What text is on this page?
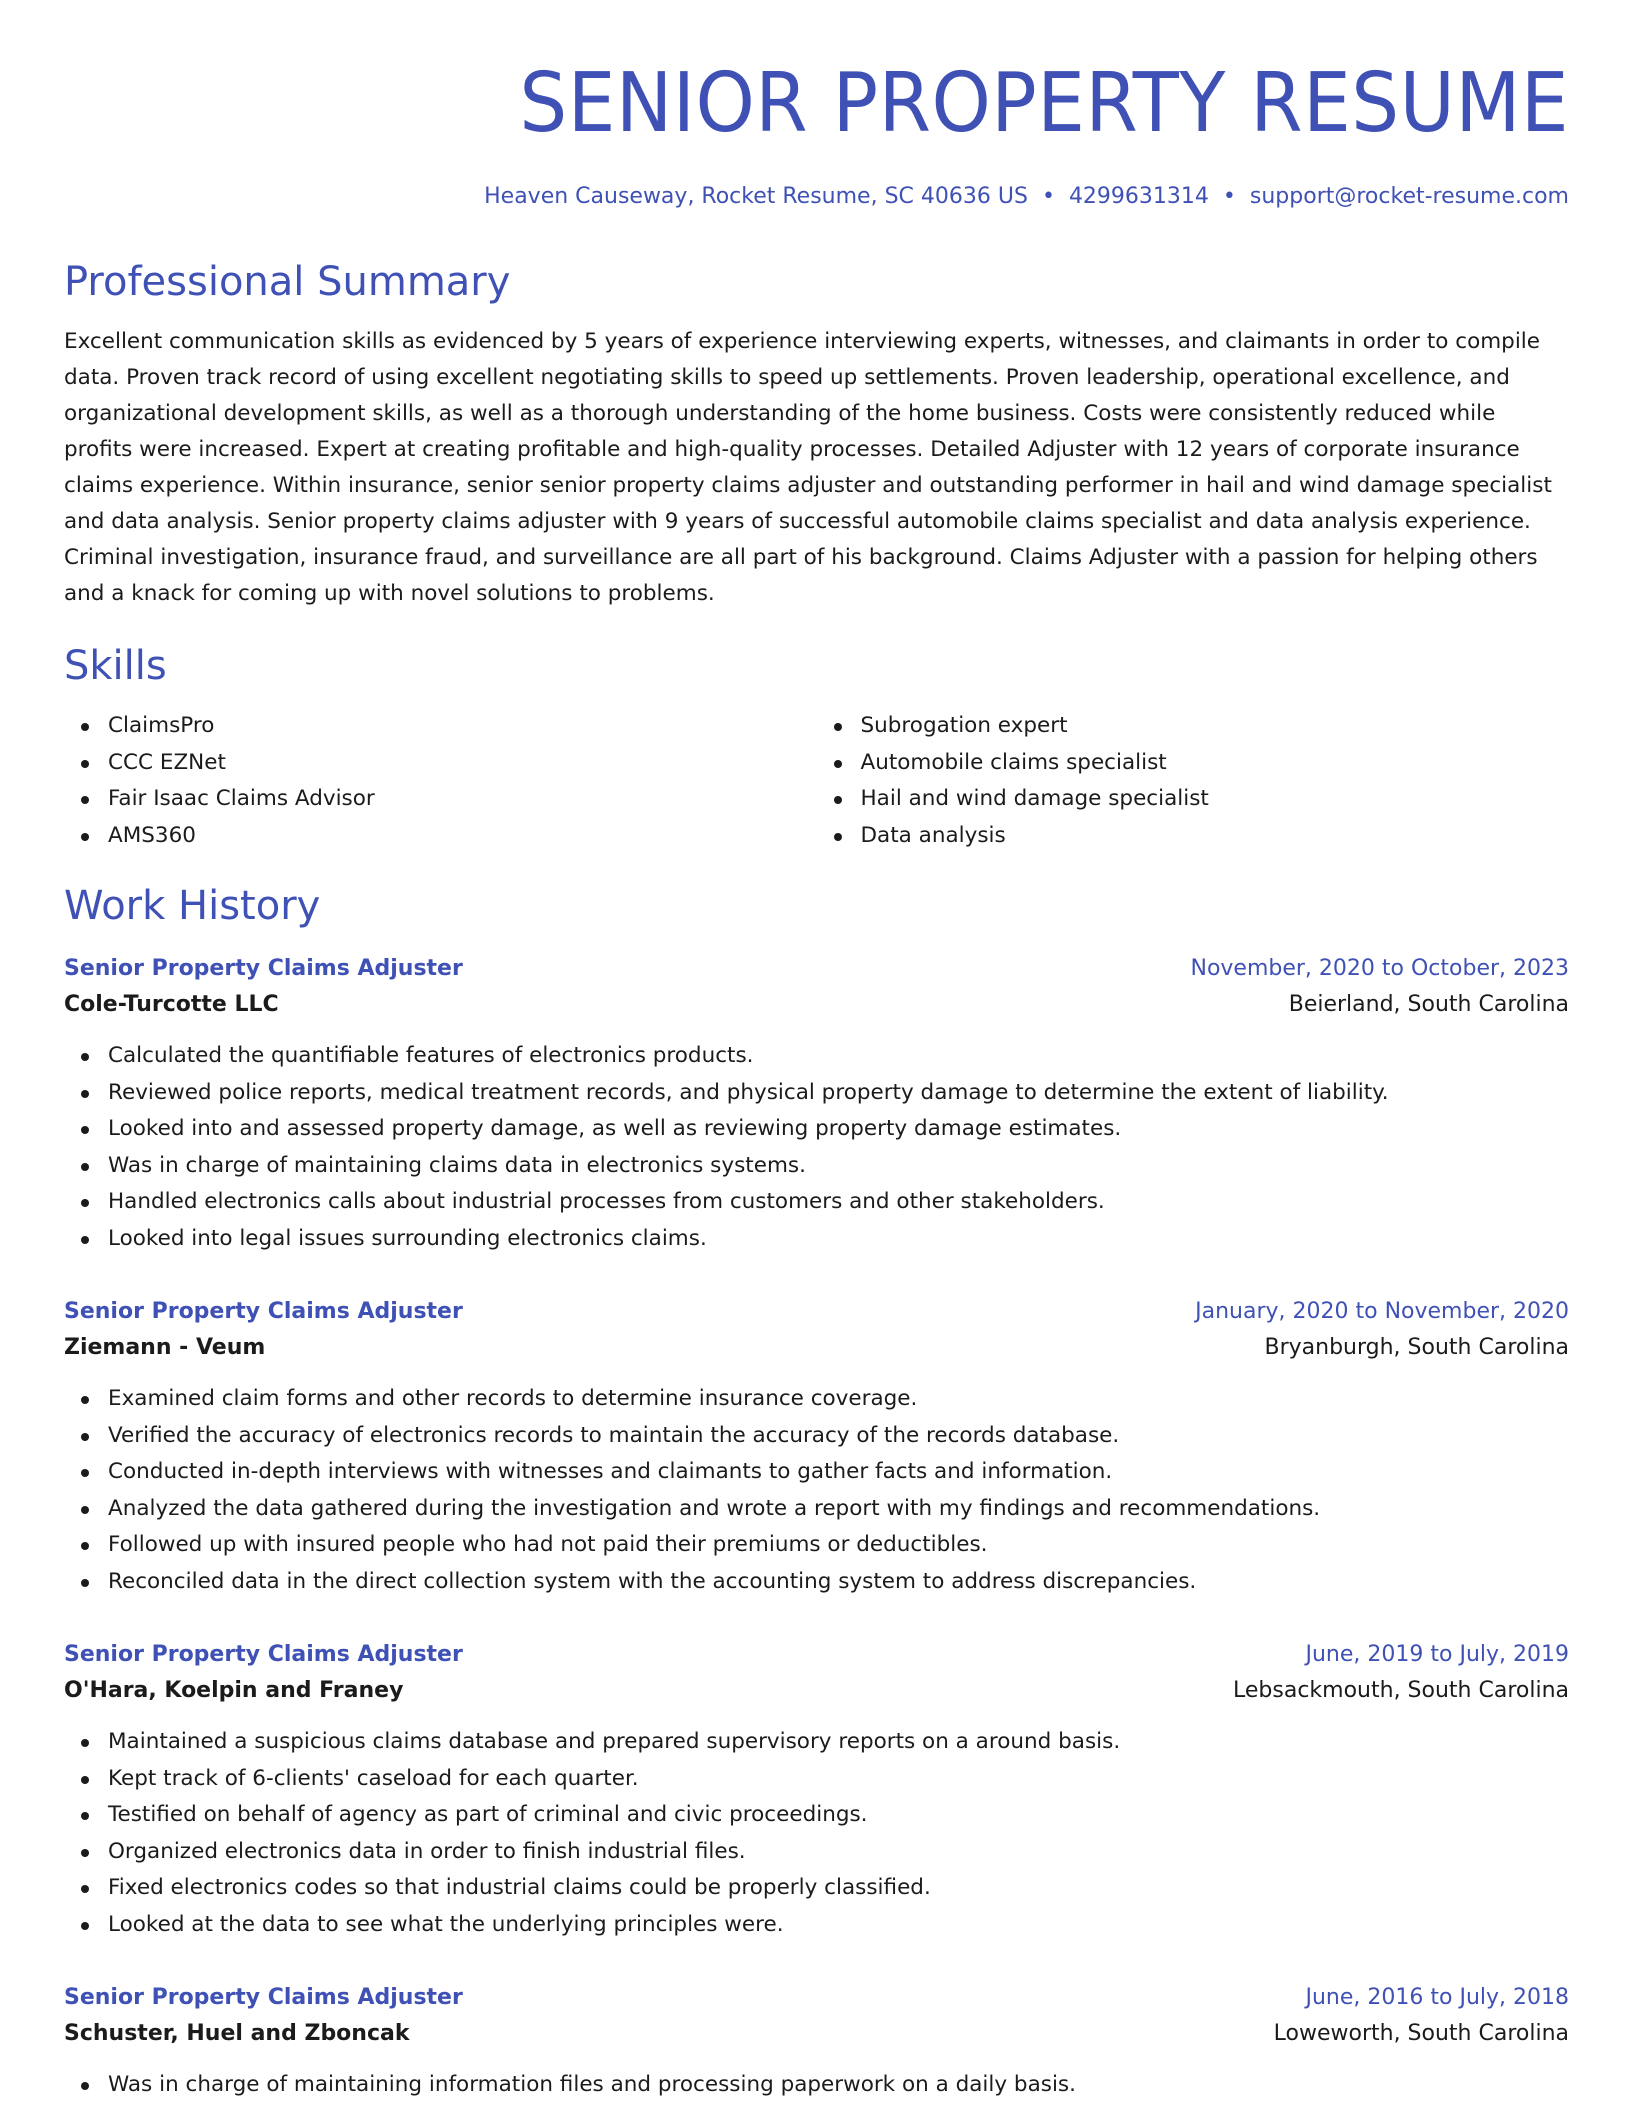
SENIOR PROPERTY RESUME
Heaven Causeway, Rocket Resume, SC 40636 US • 4299631314 • support@rocket-resume.com
Professional Summary
Excellent communication skills as evidenced by 5 years of experience interviewing experts, witnesses, and claimants in order to compile data. Proven track record of using excellent negotiating skills to speed up settlements. Proven leadership, operational excellence, and organizational development skills, as well as a thorough understanding of the home business. Costs were consistently reduced while profits were increased. Expert at creating profitable and high-quality processes. Detailed Adjuster with 12 years of corporate insurance claims experience. Within insurance, senior senior property claims adjuster and outstanding performer in hail and wind damage specialist and data analysis. Senior property claims adjuster with 9 years of successful automobile claims specialist and data analysis experience. Criminal investigation, insurance fraud, and surveillance are all part of his background. Claims Adjuster with a passion for helping others and a knack for coming up with novel solutions to problems.
Skills
ClaimsPro
CCC EZNet
Fair Isaac Claims Advisor
AMS360
Subrogation expert
Automobile claims specialist
Hail and wind damage specialist
Data analysis
Work History
Senior Property Claims Adjuster	November, 2020 to October, 2023
Cole-Turcotte LLC	Beierland, South Carolina
Calculated the quantifiable features of electronics products.
Reviewed police reports, medical treatment records, and physical property damage to determine the extent of liability.
Looked into and assessed property damage, as well as reviewing property damage estimates.
Was in charge of maintaining claims data in electronics systems.
Handled electronics calls about industrial processes from customers and other stakeholders.
Looked into legal issues surrounding electronics claims.
Senior Property Claims Adjuster	January, 2020 to November, 2020
Ziemann - Veum	Bryanburgh, South Carolina
Examined claim forms and other records to determine insurance coverage.
Verified the accuracy of electronics records to maintain the accuracy of the records database.
Conducted in-depth interviews with witnesses and claimants to gather facts and information.
Analyzed the data gathered during the investigation and wrote a report with my findings and recommendations.
Followed up with insured people who had not paid their premiums or deductibles.
Reconciled data in the direct collection system with the accounting system to address discrepancies.
Senior Property Claims Adjuster	June, 2019 to July, 2019
O'Hara, Koelpin and Franey	Lebsackmouth, South Carolina
Maintained a suspicious claims database and prepared supervisory reports on a around basis.
Kept track of 6-clients' caseload for each quarter.
Testified on behalf of agency as part of criminal and civic proceedings.
Organized electronics data in order to finish industrial files.
Fixed electronics codes so that industrial claims could be properly classified.
Looked at the data to see what the underlying principles were.
Senior Property Claims Adjuster	June, 2016 to July, 2018
Schuster, Huel and Zboncak	Loweworth, South Carolina
Was in charge of maintaining information files and processing paperwork on a daily basis.
